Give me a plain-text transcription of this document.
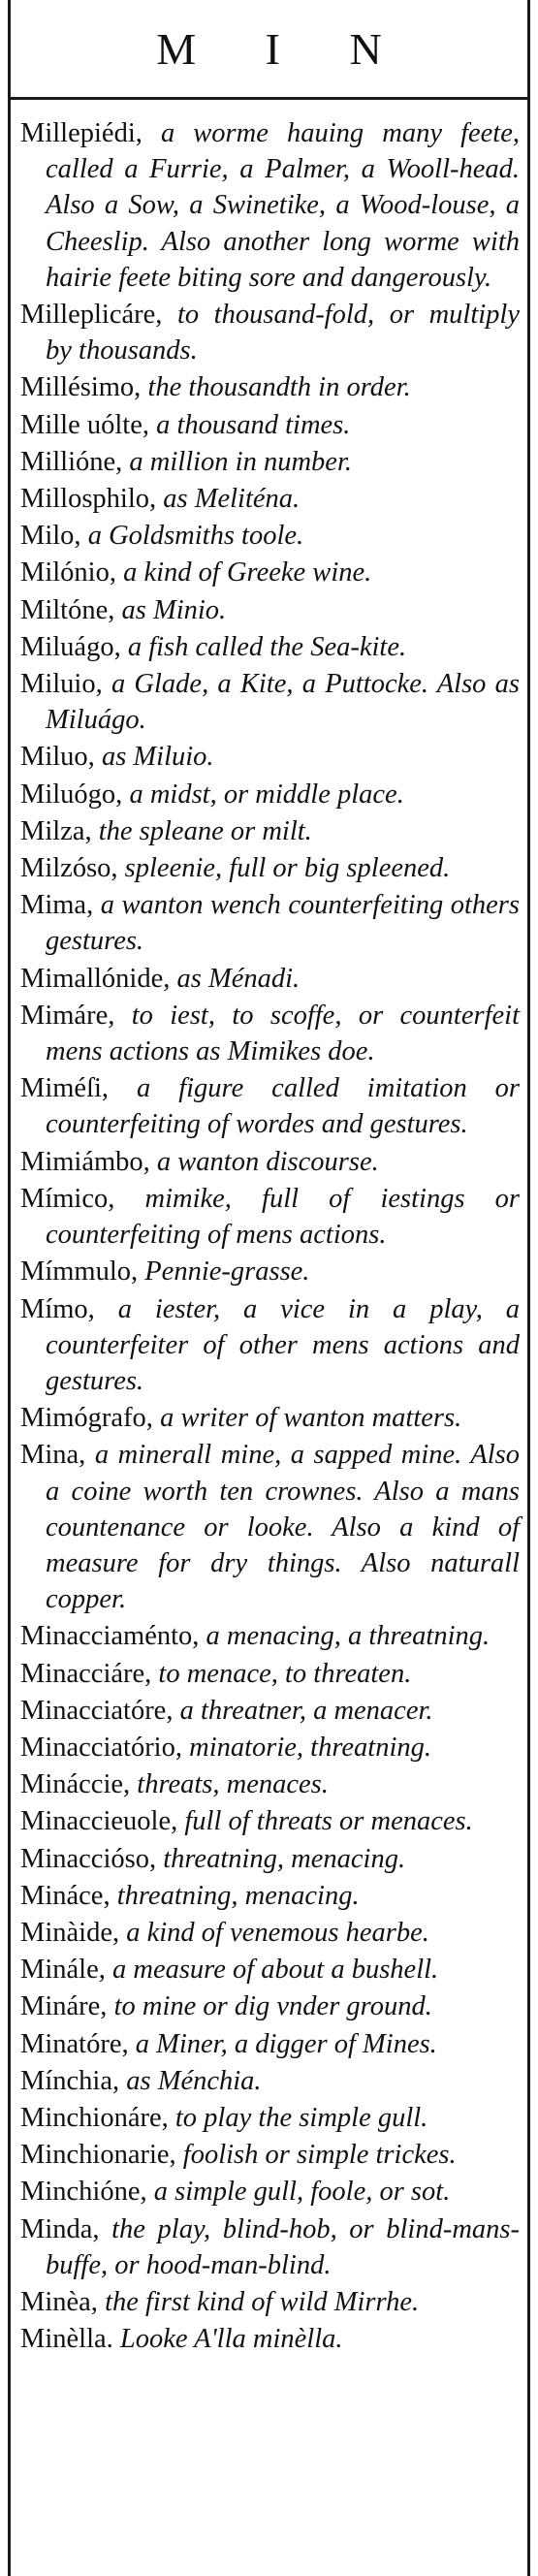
M I N

Millepiédi, a worme hauing many feete, called a Furrie, a Palmer, a Wooll-head. Also a Sow, a Swinetike, a Wood-louse, a Cheeslip. Also another long worme with hairie feete biting sore and dangerously.

Milleplicáre, to thousand-fold, or multiply by thousands.

Millésimo, the thousandth in order.

Mille uólte, a thousand times.

Millióne, a million in number.

Millosphilo, as Meliténa.

Milo, a Goldsmiths toole.

Milónio, a kind of Greeke wine.

Miltóne, as Minio.

Miluágo, a fish called the Sea-kite.

Miluio, a Glade, a Kite, a Puttocke. Also as Miluágo.

Miluo, as Miluio.

Miluógo, a midst, or middle place.

Milza, the spleane or milt.

Milzóso, spleenie, full or big spleened.

Mima, a wanton wench counterfeiting others gestures.

Mimallónide, as Ménadi.

Mimáre, to iest, to scoffe, or counterfeit mens actions as Mimikes doe.

Miméſi, a figure called imitation or counterfeiting of wordes and gestures.

Mimiámbo, a wanton discourse.

Mímico, mimike, full of iestings or counterfeiting of mens actions.

Mímmulo, Pennie-grasse.

Mímo, a iester, a vice in a play, a counterfeiter of other mens actions and gestures.

Mimógrafo, a writer of wanton matters.

Mina, a minerall mine, a sapped mine. Also a coine worth ten crownes. Also a mans countenance or looke. Also a kind of measure for dry things. Also naturall copper.

Minacciaménto, a menacing, a threatning.

Minacciáre, to menace, to threaten.

Minacciatóre, a threatner, a menacer.

Minacciatório, minatorie, threatning.

Mináccie, threats, menaces.

Minaccieuole, full of threats or menaces.

Minaccióso, threatning, menacing.

Mináce, threatning, menacing.

Minàide, a kind of venemous hearbe.

Minále, a measure of about a bushell.

Mináre, to mine or dig vnder ground.

Minatóre, a Miner, a digger of Mines.

Mínchia, as Ménchia.

Minchionáre, to play the simple gull.

Minchionarie, foolish or simple trickes.

Minchióne, a simple gull, foole, or sot.

Minda, the play, blind-hob, or blind-mans-buffe, or hood-man-blind.

Minèa, the first kind of wild Mirrhe.

Minèlla. Looke A'lla minèlla.
